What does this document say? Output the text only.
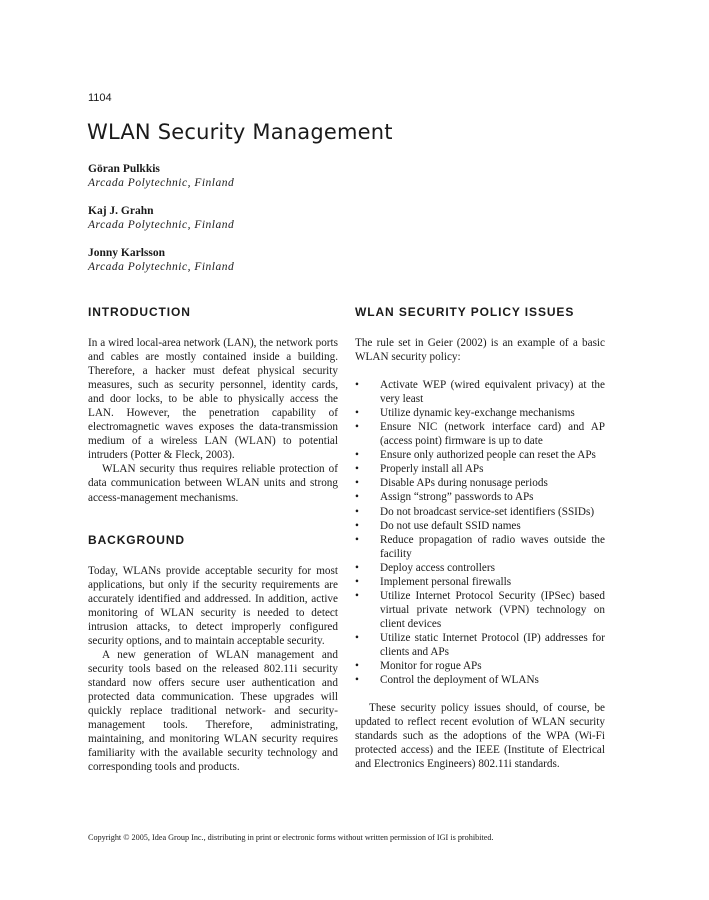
1104
WLAN Security Management
Göran Pulkkis
Arcada Polytechnic, Finland
Kaj J. Grahn
Arcada Polytechnic, Finland
Jonny Karlsson
Arcada Polytechnic, Finland
INTRODUCTION

In a wired local-area network (LAN), the network ports and cables are mostly contained inside a building. Therefore, a hacker must defeat physical security measures, such as security personnel, identity cards, and door locks, to be able to physically access the LAN. However, the penetration capability of electromagnetic waves exposes the data-transmission medium of a wireless LAN (WLAN) to potential intruders (Potter & Fleck, 2003).

WLAN security thus requires reliable protection of data communication between WLAN units and strong access-management mechanisms.

BACKGROUND

Today, WLANs provide acceptable security for most applications, but only if the security requirements are accurately identified and addressed. In addition, active monitoring of WLAN security is needed to detect intrusion attacks, to detect improperly configured security options, and to maintain acceptable security.

A new generation of WLAN management and security tools based on the released 802.11i security standard now offers secure user authentication and protected data communication. These upgrades will quickly replace traditional network- and security-management tools. Therefore, administrating, maintaining, and monitoring WLAN security requires familiarity with the available security technology and corresponding tools and products.

WLAN SECURITY POLICY ISSUES

The rule set in Geier (2002) is an example of a basic WLAN security policy:

• Activate WEP (wired equivalent privacy) at the very least
• Utilize dynamic key-exchange mechanisms
• Ensure NIC (network interface card) and AP (access point) firmware is up to date
• Ensure only authorized people can reset the APs
• Properly install all APs
• Disable APs during nonusage periods
• Assign “strong” passwords to APs
• Do not broadcast service-set identifiers (SSIDs)
• Do not use default SSID names
• Reduce propagation of radio waves outside the facility
• Deploy access controllers
• Implement personal firewalls
• Utilize Internet Protocol Security (IPSec) based virtual private network (VPN) technology on client devices
• Utilize static Internet Protocol (IP) addresses for clients and APs
• Monitor for rogue APs
• Control the deployment of WLANs

These security policy issues should, of course, be updated to reflect recent evolution of WLAN security standards such as the adoptions of the WPA (Wi-Fi protected access) and the IEEE (Institute of Electrical and Electronics Engineers) 802.11i standards.

Copyright © 2005, Idea Group Inc., distributing in print or electronic forms without written permission of IGI is prohibited.
